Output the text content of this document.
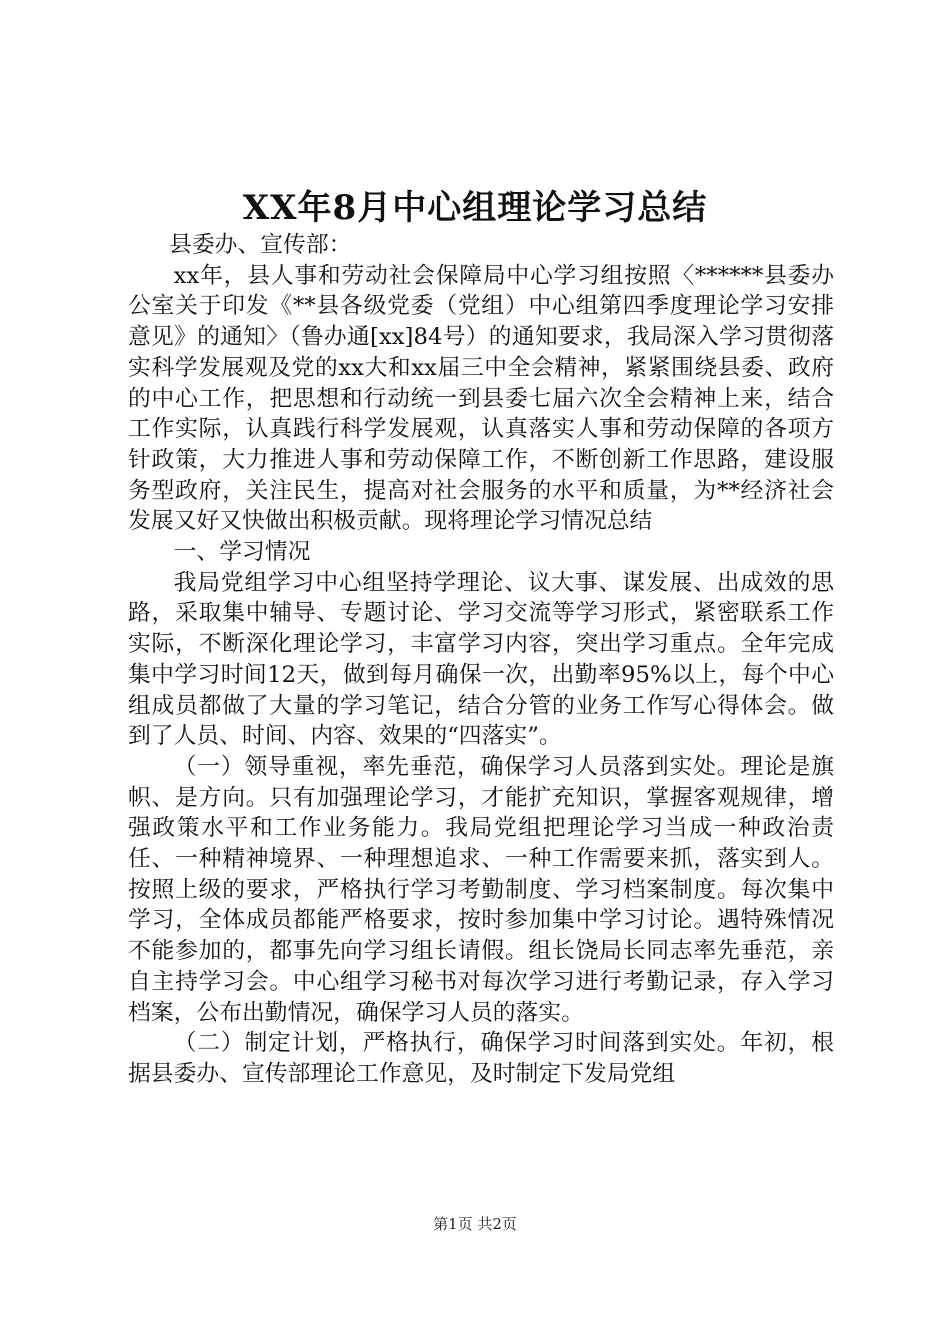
XX年8月中心组理论学习总结

县委办、宣传部：

xx年，县人事和劳动社会保障局中心学习组按照〈******县委办公室关于印发《**县各级党委（党组）中心组第四季度理论学习安排意见》的通知〉（鲁办通[xx]84号）的通知要求，我局深入学习贯彻落实科学发展观及党的xx大和xx届三中全会精神，紧紧围绕县委、政府的中心工作，把思想和行动统一到县委七届六次全会精神上来，结合工作实际，认真践行科学发展观，认真落实人事和劳动保障的各项方针政策，大力推进人事和劳动保障工作，不断创新工作思路，建设服务型政府，关注民生，提高对社会服务的水平和质量，为**经济社会发展又好又快做出积极贡献。现将理论学习情况总结

一、学习情况

我局党组学习中心组坚持学理论、议大事、谋发展、出成效的思路，采取集中辅导、专题讨论、学习交流等学习形式，紧密联系工作实际，不断深化理论学习，丰富学习内容，突出学习重点。全年完成集中学习时间12天，做到每月确保一次，出勤率95%以上，每个中心组成员都做了大量的学习笔记，结合分管的业务工作写心得体会。做到了人员、时间、内容、效果的“四落实”。

（一）领导重视，率先垂范，确保学习人员落到实处。理论是旗帜、是方向。只有加强理论学习，才能扩充知识，掌握客观规律，增强政策水平和工作业务能力。我局党组把理论学习当成一种政治责任、一种精神境界、一种理想追求、一种工作需要来抓，落实到人。按照上级的要求，严格执行学习考勤制度、学习档案制度。每次集中学习，全体成员都能严格要求，按时参加集中学习讨论。遇特殊情况不能参加的，都事先向学习组长请假。组长饶局长同志率先垂范，亲自主持学习会。中心组学习秘书对每次学习进行考勤记录，存入学习档案，公布出勤情况，确保学习人员的落实。

（二）制定计划，严格执行，确保学习时间落到实处。年初，根据县委办、宣传部理论工作意见，及时制定下发局党组

第1页 共2页
